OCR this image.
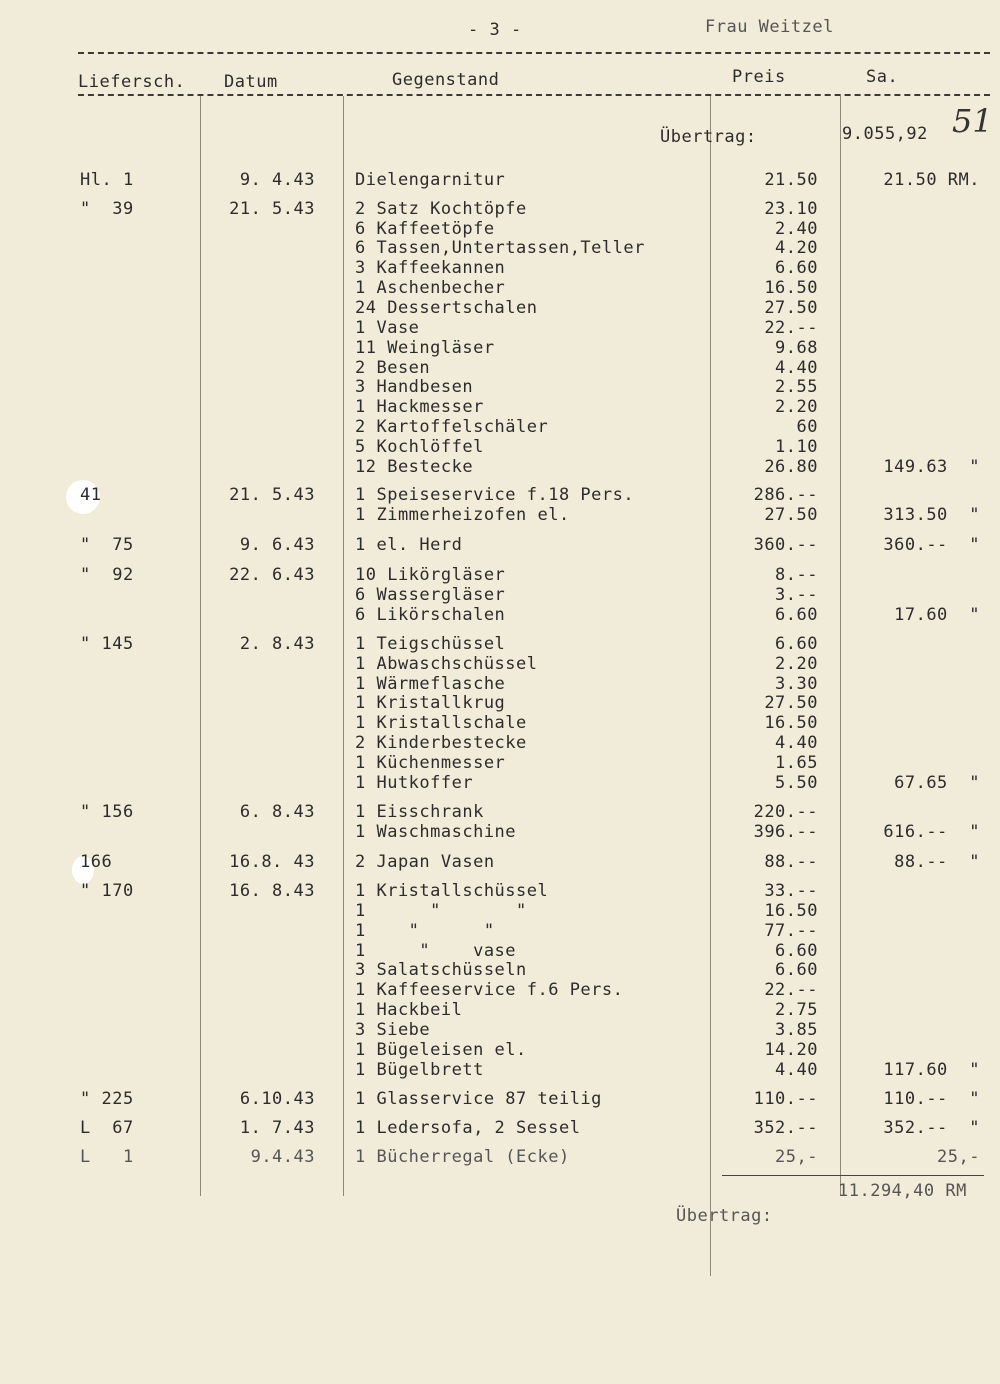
- 3 -	Frau Weitzel
51
Liefersch. Datum	Gegenstand	Preis	Sa.
Übertrag:	9.055,92
Hl. 1	9. 4.43 Dielengarnitur	21.50	21.50 RM.
"  39	21. 5.43 2 Satz Kochtöpfe	23.10
6 Kaffeetöpfe	2.40
6 Tassen,Untertassen,Teller	4.20
3 Kaffeekannen	6.60
1 Aschenbecher	16.50
24 Dessertschalen	27.50
1 Vase	22.--
11 Weingläser	9.68
2 Besen	4.40
3 Handbesen	2.55
1 Hackmesser	2.20
2 Kartoffelschäler	60
5 Kochlöffel	1.10
12 Bestecke	26.80	149.63  "
41	21. 5.43 1 Speiseservice f.18 Pers.	286.--
1 Zimmerheizofen el.	27.50	313.50  "
"  75	9. 6.43 1 el. Herd	360.--	360.--  "
"  92	22. 6.43 10 Likörgläser	8.--
6 Wassergläser	3.--
6 Likörschalen	6.60	17.60  "
" 145	2. 8.43 1 Teigschüssel	6.60
1 Abwaschschüssel	2.20
1 Wärmeflasche	3.30
1 Kristallkrug	27.50
1 Kristallschale	16.50
2 Kinderbestecke	4.40
1 Küchenmesser	1.65
1 Hutkoffer	5.50	67.65  "
" 156	6. 8.43 1 Eisschrank	220.--
1 Waschmaschine	396.--	616.--  "
166	16.8. 43 2 Japan Vasen	88.--	88.--  "
" 170	16. 8.43 1 Kristallschüssel	33.--
1      "       "	16.50
1    "      "	77.--
1     "    vase	6.60
3 Salatschüsseln	6.60
1 Kaffeeservice f.6 Pers.	22.--
1 Hackbeil	2.75
3 Siebe	3.85
1 Bügeleisen el.	14.20
1 Bügelbrett	4.40	117.60  "
" 225	6.10.43 1 Glasservice 87 teilig	110.--	110.--  "
L  67	1. 7.43 1 Ledersofa, 2 Sessel	352.--	352.--  "
L   1	9.4.43 1 Bücherregal (Ecke)	25,-	25,-
11.294,40 RM
Übertrag:
